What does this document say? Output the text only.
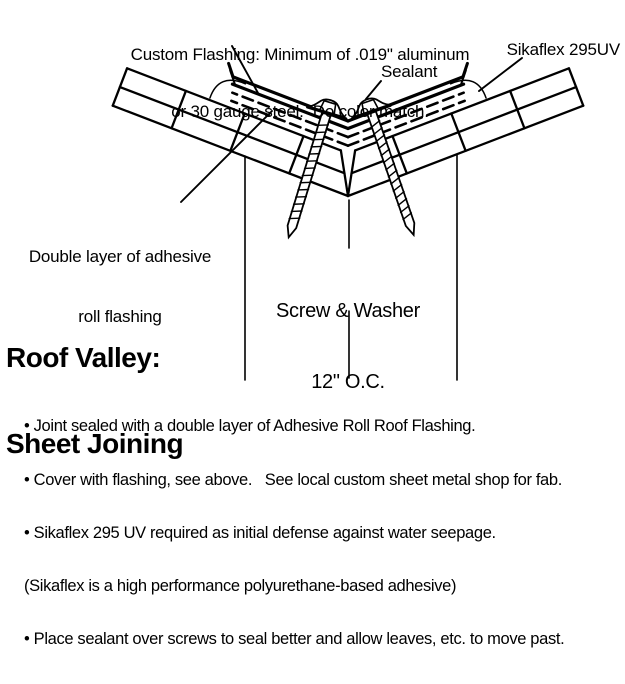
Custom Flashing: Minimum of .019" aluminum

or 30 gauge steel.  Do color match.

Sikaflex 295UV
Sealant

Double layer of adhesive

roll flashing

	Screw & Washer

12" O.C.

Roof Valley:

Sheet Joining

• Joint sealed with a double layer of Adhesive Roll Roof Flashing.

• Cover with flashing, see above.   See local custom sheet metal shop for fab.

• Sikaflex 295 UV required as initial defense against water seepage.

(Sikaflex is a high performance polyurethane-based adhesive)

• Place sealant over screws to seal better and allow leaves, etc. to move past.
